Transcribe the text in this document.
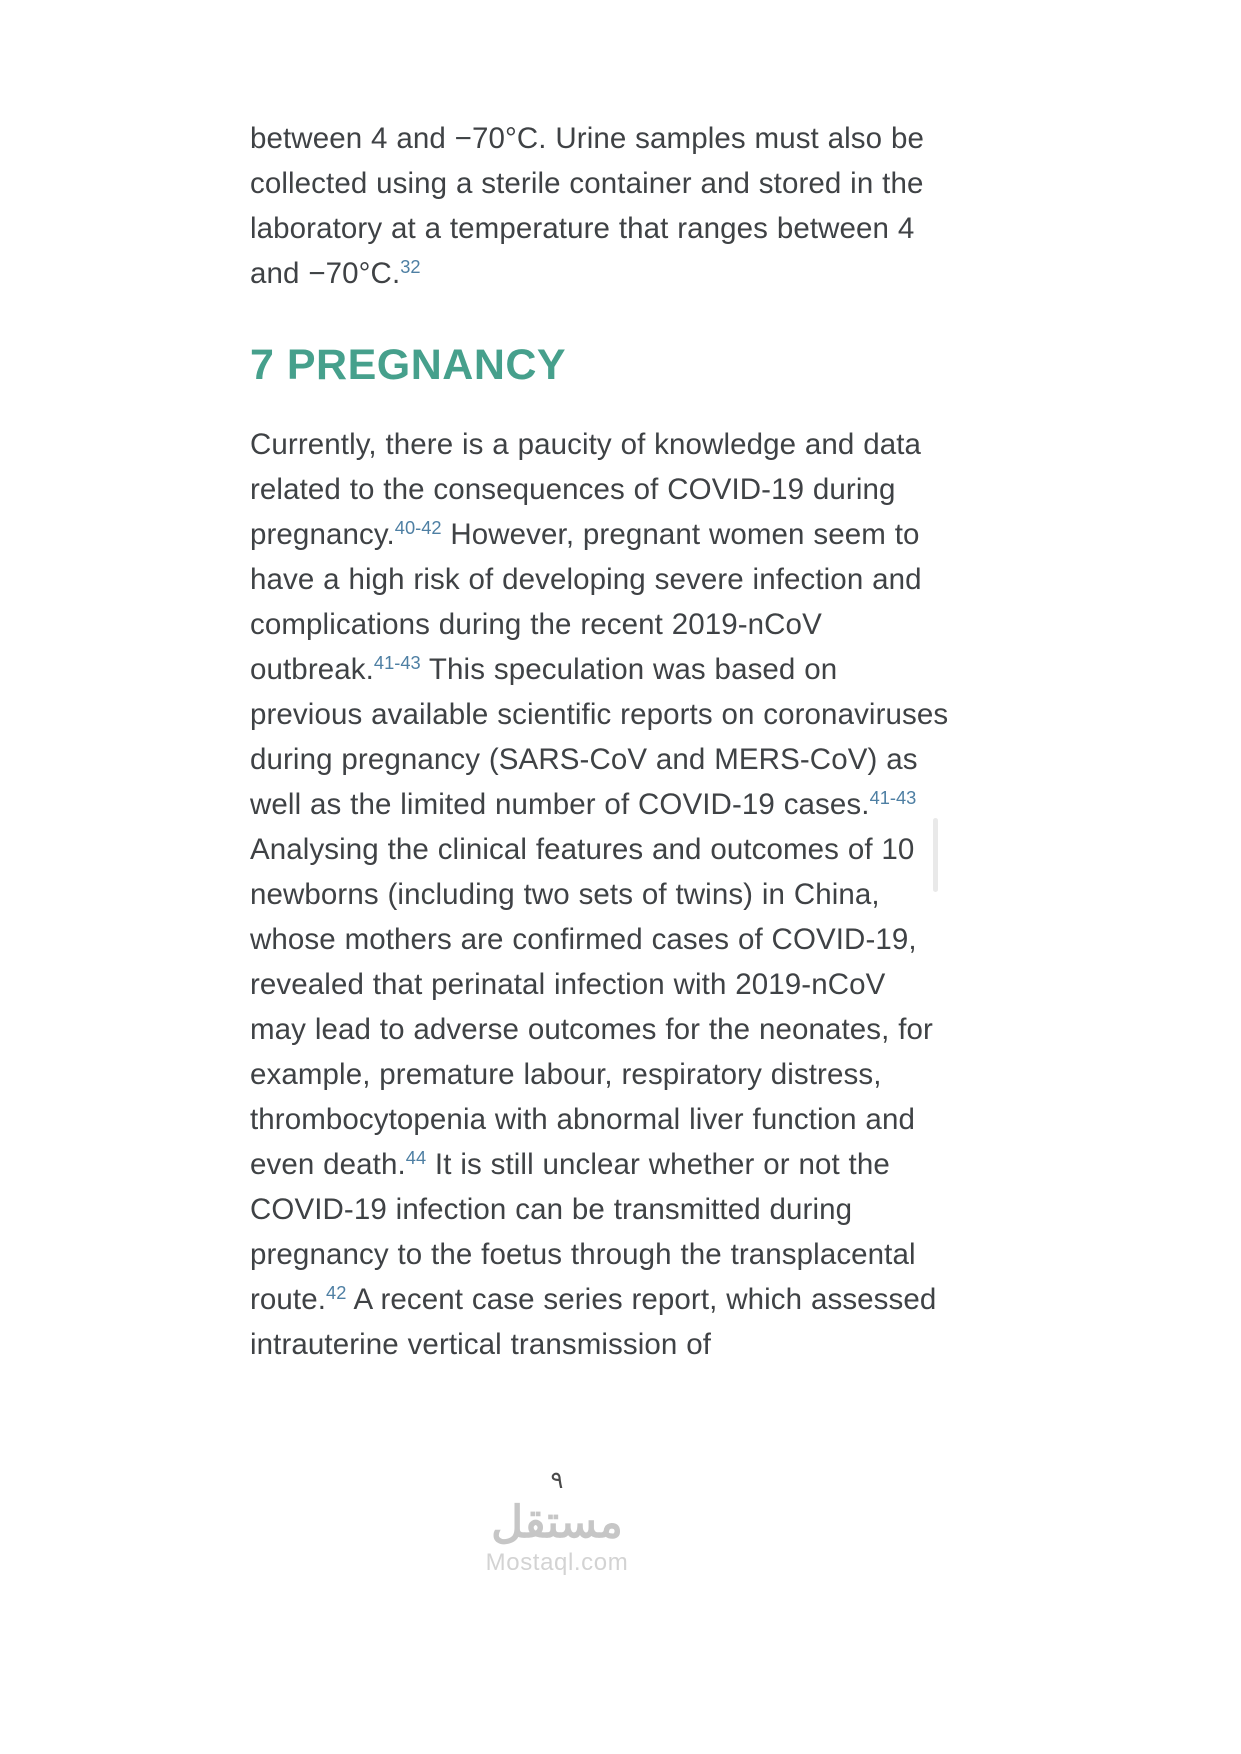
between 4 and −70°C. Urine samples must also be collected using a sterile container and stored in the laboratory at a temperature that ranges between 4 and −70°C.$^{32}$

7 PREGNANCY

Currently, there is a paucity of knowledge and data related to the consequences of COVID-19 during pregnancy.$^{40-42}$ However, pregnant women seem to have a high risk of developing severe infection and complications during the recent 2019-nCoV outbreak.$^{41-43}$ This speculation was based on previous available scientific reports on coronaviruses during pregnancy (SARS-CoV and MERS-CoV) as well as the limited number of COVID-19 cases.$^{41-43}$ Analysing the clinical features and outcomes of 10 newborns (including two sets of twins) in China, whose mothers are confirmed cases of COVID-19, revealed that perinatal infection with 2019-nCoV may lead to adverse outcomes for the neonates, for example, premature labour, respiratory distress, thrombocytopenia with abnormal liver function and even death.$^{44}$ It is still unclear whether or not the COVID-19 infection can be transmitted during pregnancy to the foetus through the transplacental route.$^{42}$ A recent case series report, which assessed intrauterine vertical transmission of

٩
مستقل
Mostaql.com
